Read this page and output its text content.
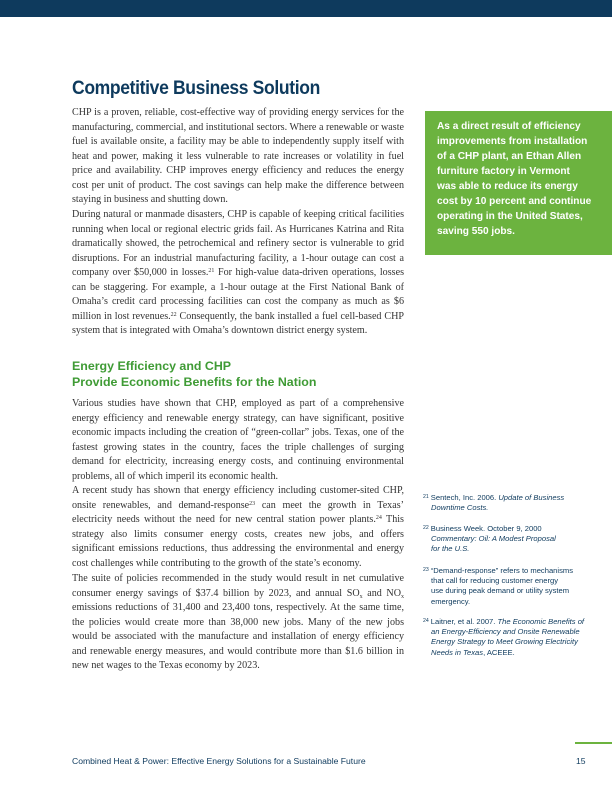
Competitive Business Solution

CHP is a proven, reliable, cost-effective way of providing energy services for the manufacturing, commercial, and institutional sectors. Where a renewable or waste fuel is available onsite, a facility may be able to independently supply itself with heat and power, making it less vulnerable to rate increases or volatility in fuel price and availability. CHP improves energy efficiency and reduces the energy cost per unit of product. The cost savings can help make the difference between staying in business and shutting down.

During natural or manmade disasters, CHP is capable of keeping critical facilities running when local or regional electric grids fail. As Hurricanes Katrina and Rita dramatically showed, the petrochemical and refinery sector is vulnerable to grid disruptions. For an industrial manufacturing facility, a 1-hour outage can cost a company over $50,000 in losses.$^{21}$ For high-value data-driven operations, losses can be staggering. For example, a 1-hour outage at the First National Bank of Omaha’s credit card processing facilities can cost the company as much as $6 million in lost revenues.$^{22}$ Consequently, the bank installed a fuel cell-based CHP system that is integrated with Omaha’s downtown district energy system.

Energy Efficiency and CHP
Provide Economic Benefits for the Nation

Various studies have shown that CHP, employed as part of a comprehensive energy efficiency and renewable energy strategy, can have significant, positive economic impacts including the creation of “green-collar” jobs. Texas, one of the fastest growing states in the country, faces the triple challenges of surging demand for electricity, increasing energy costs, and continuing environmental problems, all of which imperil its economic health.

A recent study has shown that energy efficiency including customer-sited CHP, onsite renewables, and demand-response$^{23}$ can meet the growth in Texas’ electricity needs without the need for new central station power plants.$^{24}$ This strategy also limits consumer energy costs, creates new jobs, and offers significant emissions reductions, thus addressing the environmental and energy cost challenges while contributing to the growth of the state’s economy.

The suite of policies recommended in the study would result in net cumulative consumer energy savings of $37.4 billion by 2023, and annual $SO_x$ and $NO_x$ emissions reductions of 31,400 and 23,400 tons, respectively. At the same time, the policies would create more than 38,000 new jobs. Many of the new jobs would be associated with the manufacture and installation of energy efficiency and renewable energy measures, and would contribute more than $1.6 billion in new net wages to the Texas economy by 2023.

As a direct result of efficiency
improvements from installation
of a CHP plant, an Ethan Allen
furniture factory in Vermont
was able to reduce its energy
cost by 10 percent and continue
operating in the United States,
saving 550 jobs.
$^{21}$ Sentech, Inc. 2006. Update of Business
Downtime Costs.
$^{22}$ Business Week. October 9, 2000
Commentary: Oil: A Modest Proposal
for the U.S.
$^{23}$ “Demand-response” refers to mechanisms
that call for reducing customer energy
use during peak demand or utility system
emergency.
$^{24}$ Laitner, et al. 2007. The Economic Benefits of
an Energy-Efficiency and Onsite Renewable
Energy Strategy to Meet Growing Electricity
Needs in Texas, ACEEE.
Combined Heat & Power: Effective Energy Solutions for a Sustainable Future	15
